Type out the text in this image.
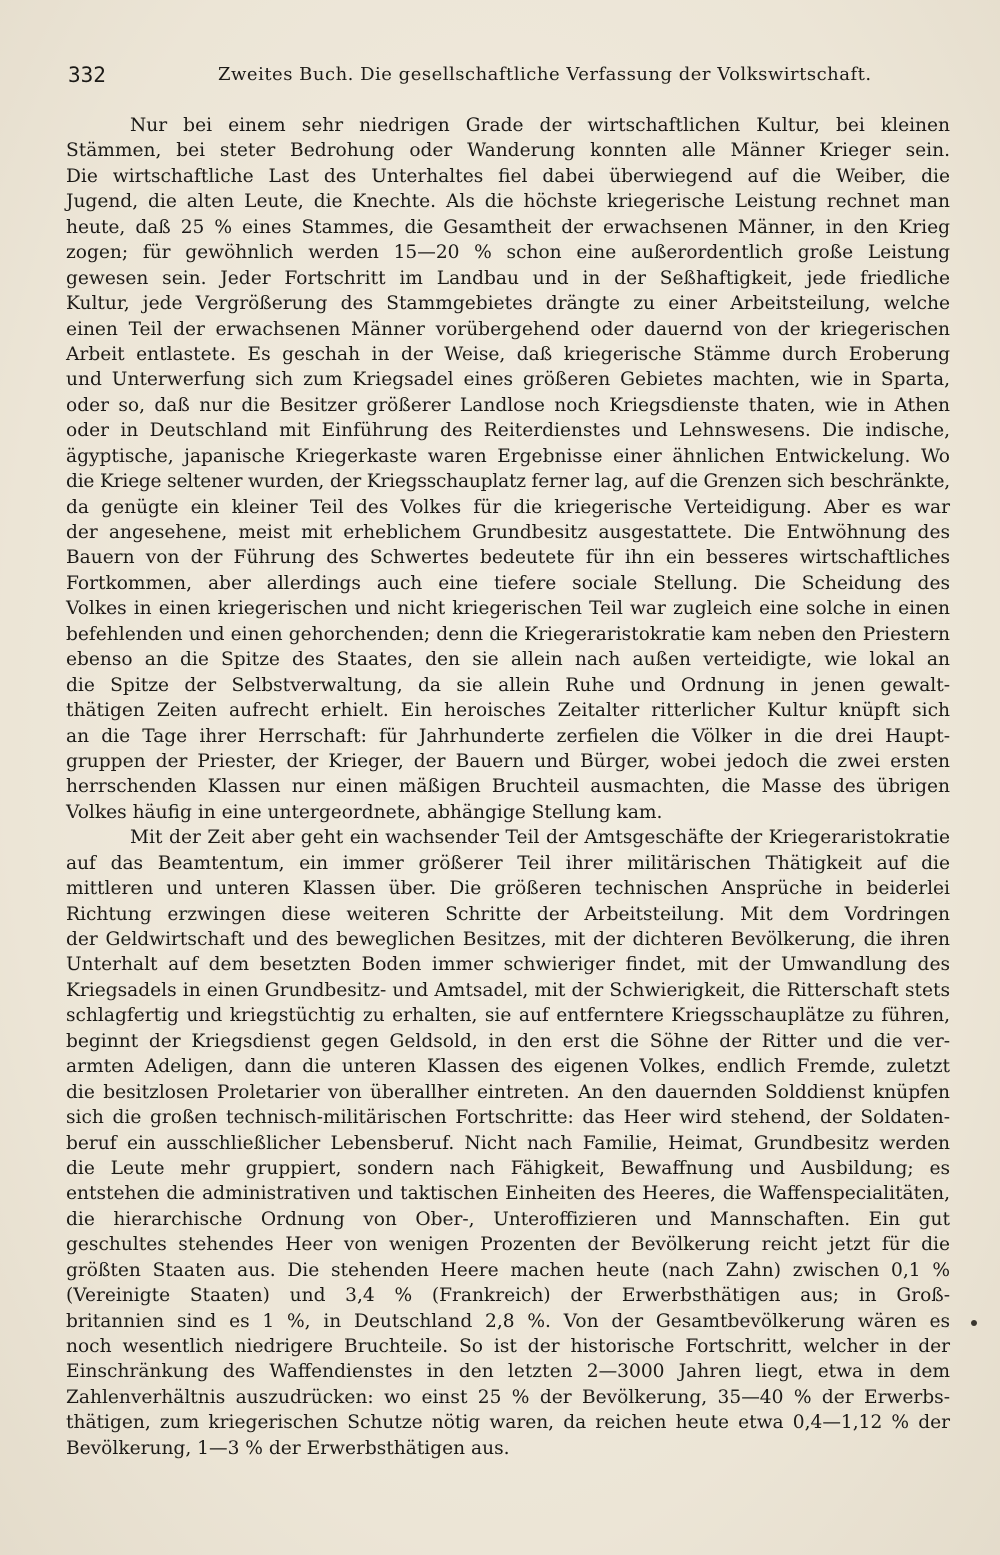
332	Zweites Buch. Die gesellschaftliche Verfassung der Volkswirtschaft.
Nur bei einem sehr niedrigen Grade der wirtschaftlichen Kultur, bei kleinen
Stämmen, bei steter Bedrohung oder Wanderung konnten alle Männer Krieger sein.
Die wirtschaftliche Last des Unterhaltes fiel dabei überwiegend auf die Weiber, die
Jugend, die alten Leute, die Knechte. Als die höchste kriegerische Leistung rechnet man
heute, daß 25 % eines Stammes, die Gesamtheit der erwachsenen Männer, in den Krieg
zogen; für gewöhnlich werden 15—20 % schon eine außerordentlich große Leistung
gewesen sein. Jeder Fortschritt im Landbau und in der Seßhaftigkeit, jede friedliche
Kultur, jede Vergrößerung des Stammgebietes drängte zu einer Arbeitsteilung, welche
einen Teil der erwachsenen Männer vorübergehend oder dauernd von der kriegerischen
Arbeit entlastete. Es geschah in der Weise, daß kriegerische Stämme durch Eroberung
und Unterwerfung sich zum Kriegsadel eines größeren Gebietes machten, wie in Sparta,
oder so, daß nur die Besitzer größerer Landlose noch Kriegsdienste thaten, wie in Athen
oder in Deutschland mit Einführung des Reiterdienstes und Lehnswesens. Die indische,
ägyptische, japanische Kriegerkaste waren Ergebnisse einer ähnlichen Entwickelung. Wo
die Kriege seltener wurden, der Kriegsschauplatz ferner lag, auf die Grenzen sich beschränkte,
da genügte ein kleiner Teil des Volkes für die kriegerische Verteidigung. Aber es war
der angesehene, meist mit erheblichem Grundbesitz ausgestattete. Die Entwöhnung des
Bauern von der Führung des Schwertes bedeutete für ihn ein besseres wirtschaftliches
Fortkommen, aber allerdings auch eine tiefere sociale Stellung. Die Scheidung des
Volkes in einen kriegerischen und nicht kriegerischen Teil war zugleich eine solche in einen
befehlenden und einen gehorchenden; denn die Kriegeraristokratie kam neben den Priestern
ebenso an die Spitze des Staates, den sie allein nach außen verteidigte, wie lokal an
die Spitze der Selbstverwaltung, da sie allein Ruhe und Ordnung in jenen gewalt-
thätigen Zeiten aufrecht erhielt. Ein heroisches Zeitalter ritterlicher Kultur knüpft sich
an die Tage ihrer Herrschaft: für Jahrhunderte zerfielen die Völker in die drei Haupt-
gruppen der Priester, der Krieger, der Bauern und Bürger, wobei jedoch die zwei ersten
herrschenden Klassen nur einen mäßigen Bruchteil ausmachten, die Masse des übrigen
Volkes häufig in eine untergeordnete, abhängige Stellung kam.
Mit der Zeit aber geht ein wachsender Teil der Amtsgeschäfte der Kriegeraristokratie
auf das Beamtentum, ein immer größerer Teil ihrer militärischen Thätigkeit auf die
mittleren und unteren Klassen über. Die größeren technischen Ansprüche in beiderlei
Richtung erzwingen diese weiteren Schritte der Arbeitsteilung. Mit dem Vordringen
der Geldwirtschaft und des beweglichen Besitzes, mit der dichteren Bevölkerung, die ihren
Unterhalt auf dem besetzten Boden immer schwieriger findet, mit der Umwandlung des
Kriegsadels in einen Grundbesitz- und Amtsadel, mit der Schwierigkeit, die Ritterschaft stets
schlagfertig und kriegstüchtig zu erhalten, sie auf entferntere Kriegsschauplätze zu führen,
beginnt der Kriegsdienst gegen Geldsold, in den erst die Söhne der Ritter und die ver-
armten Adeligen, dann die unteren Klassen des eigenen Volkes, endlich Fremde, zuletzt
die besitzlosen Proletarier von überallher eintreten. An den dauernden Solddienst knüpfen
sich die großen technisch-militärischen Fortschritte: das Heer wird stehend, der Soldaten-
beruf ein ausschließlicher Lebensberuf. Nicht nach Familie, Heimat, Grundbesitz werden
die Leute mehr gruppiert, sondern nach Fähigkeit, Bewaffnung und Ausbildung; es
entstehen die administrativen und taktischen Einheiten des Heeres, die Waffenspecialitäten,
die hierarchische Ordnung von Ober-, Unteroffizieren und Mannschaften. Ein gut
geschultes stehendes Heer von wenigen Prozenten der Bevölkerung reicht jetzt für die
größten Staaten aus. Die stehenden Heere machen heute (nach Zahn) zwischen 0,1 %
(Vereinigte Staaten) und 3,4 % (Frankreich) der Erwerbsthätigen aus; in Groß-
britannien sind es 1 %, in Deutschland 2,8 %. Von der Gesamtbevölkerung wären es
noch wesentlich niedrigere Bruchteile. So ist der historische Fortschritt, welcher in der
Einschränkung des Waffendienstes in den letzten 2—3000 Jahren liegt, etwa in dem
Zahlenverhältnis auszudrücken: wo einst 25 % der Bevölkerung, 35—40 % der Erwerbs-
thätigen, zum kriegerischen Schutze nötig waren, da reichen heute etwa 0,4—1,12 % der
Bevölkerung, 1—3 % der Erwerbsthätigen aus.
